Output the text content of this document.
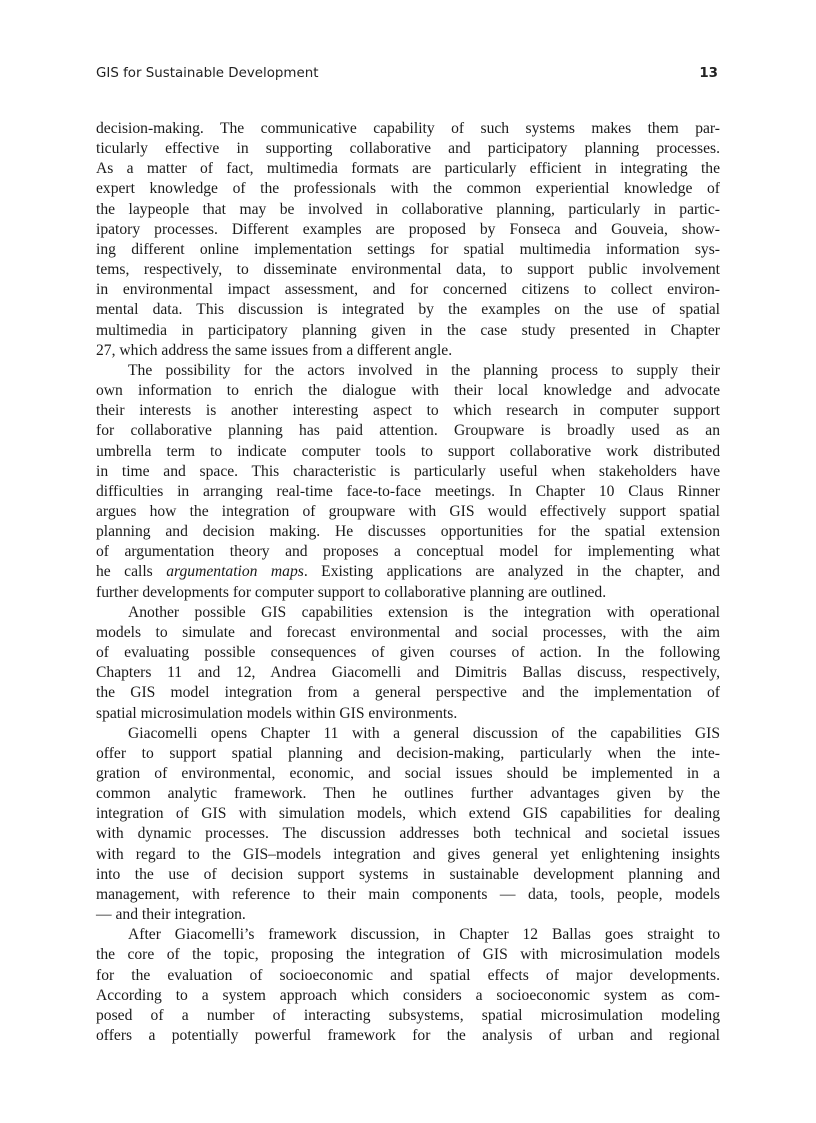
GIS for Sustainable Development	13

decision-making. The communicative capability of such systems makes them par-
ticularly effective in supporting collaborative and participatory planning processes.
As a matter of fact, multimedia formats are particularly efficient in integrating the
expert knowledge of the professionals with the common experiential knowledge of
the laypeople that may be involved in collaborative planning, particularly in partic-
ipatory processes. Different examples are proposed by Fonseca and Gouveia, show-
ing different online implementation settings for spatial multimedia information sys-
tems, respectively, to disseminate environmental data, to support public involvement
in environmental impact assessment, and for concerned citizens to collect environ-
mental data. This discussion is integrated by the examples on the use of spatial
multimedia in participatory planning given in the case study presented in Chapter
27, which address the same issues from a different angle.

The possibility for the actors involved in the planning process to supply their
own information to enrich the dialogue with their local knowledge and advocate
their interests is another interesting aspect to which research in computer support
for collaborative planning has paid attention. Groupware is broadly used as an
umbrella term to indicate computer tools to support collaborative work distributed
in time and space. This characteristic is particularly useful when stakeholders have
difficulties in arranging real-time face-to-face meetings. In Chapter 10 Claus Rinner
argues how the integration of groupware with GIS would effectively support spatial
planning and decision making. He discusses opportunities for the spatial extension
of argumentation theory and proposes a conceptual model for implementing what
he calls argumentation maps. Existing applications are analyzed in the chapter, and
further developments for computer support to collaborative planning are outlined.

Another possible GIS capabilities extension is the integration with operational
models to simulate and forecast environmental and social processes, with the aim
of evaluating possible consequences of given courses of action. In the following
Chapters 11 and 12, Andrea Giacomelli and Dimitris Ballas discuss, respectively,
the GIS model integration from a general perspective and the implementation of
spatial microsimulation models within GIS environments.

Giacomelli opens Chapter 11 with a general discussion of the capabilities GIS
offer to support spatial planning and decision-making, particularly when the inte-
gration of environmental, economic, and social issues should be implemented in a
common analytic framework. Then he outlines further advantages given by the
integration of GIS with simulation models, which extend GIS capabilities for dealing
with dynamic processes. The discussion addresses both technical and societal issues
with regard to the GIS–models integration and gives general yet enlightening insights
into the use of decision support systems in sustainable development planning and
management, with reference to their main components — data, tools, people, models
— and their integration.

After Giacomelli’s framework discussion, in Chapter 12 Ballas goes straight to
the core of the topic, proposing the integration of GIS with microsimulation models
for the evaluation of socioeconomic and spatial effects of major developments.
According to a system approach which considers a socioeconomic system as com-
posed of a number of interacting subsystems, spatial microsimulation modeling
offers a potentially powerful framework for the analysis of urban and regional
